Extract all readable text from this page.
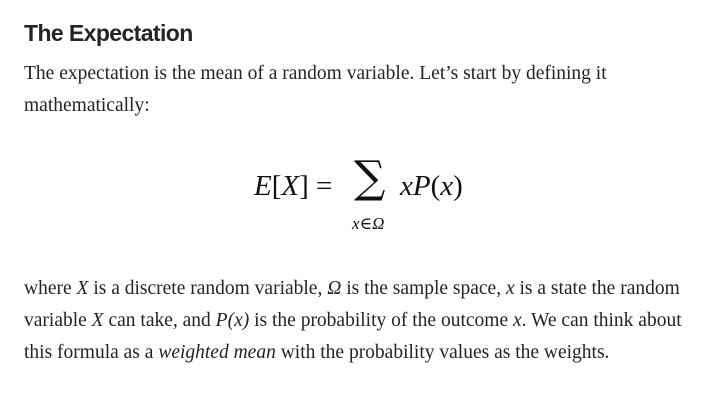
The Expectation

The expectation is the mean of a random variable. Let’s start by defining it mathematically:

where X is a discrete random variable, Ω is the sample space, x is a state the random variable X can take, and P(x) is the probability of the outcome x. We can think about this formula as a weighted mean with the probability values as the weights.

E[X] = ∑
x∈Ω
xP(x)
